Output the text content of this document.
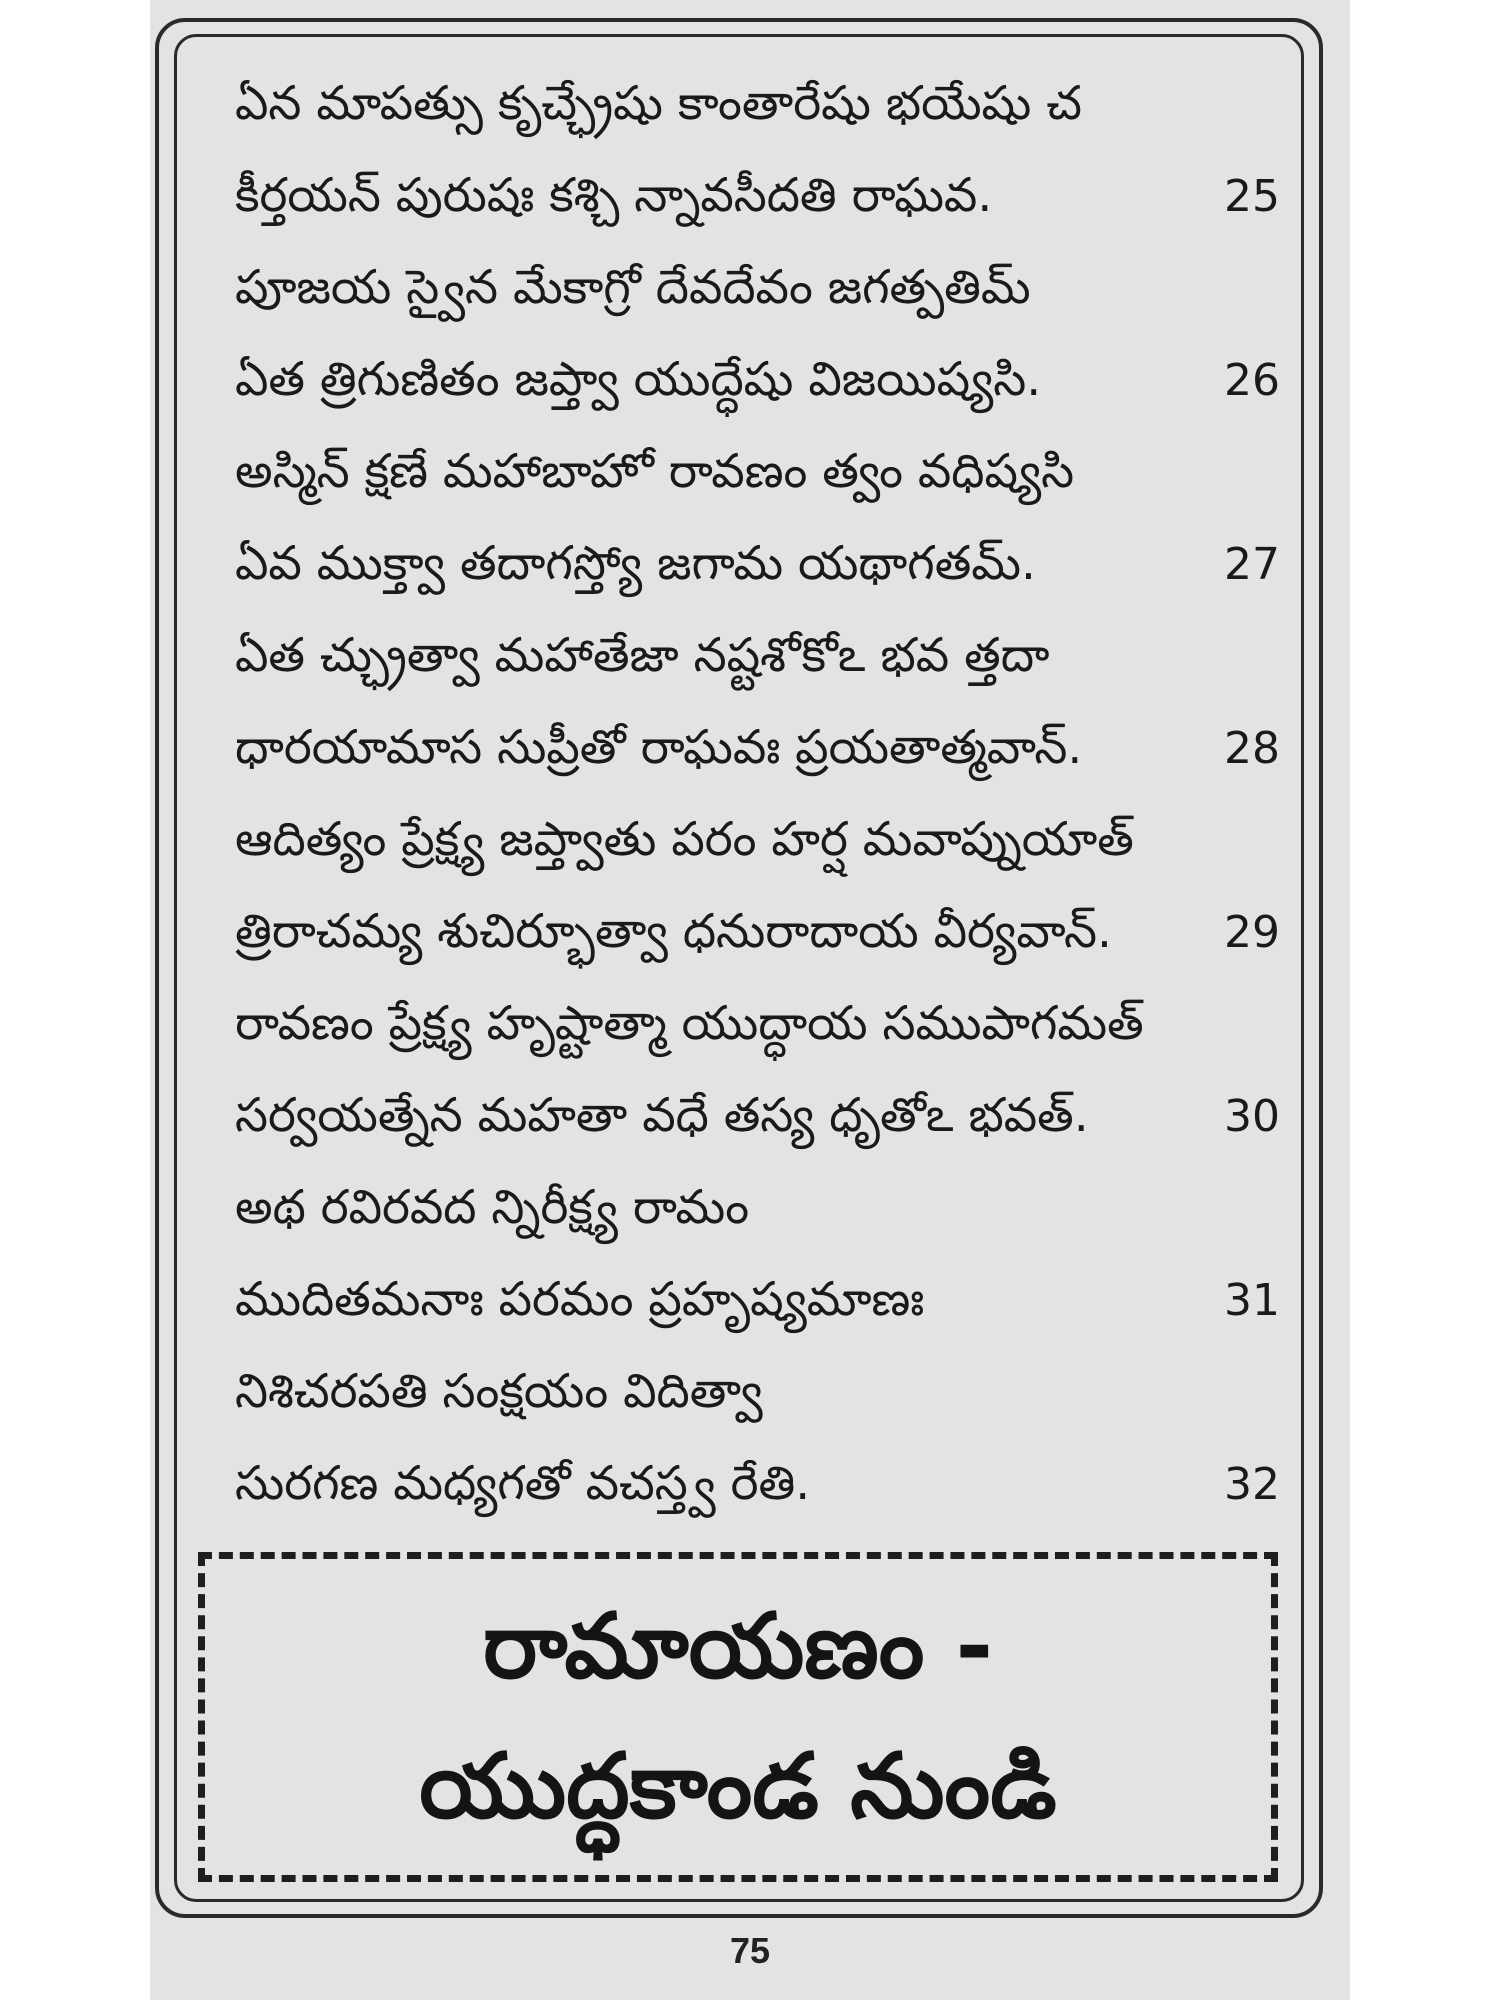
ఏన మాపత్సు కృచ్ఛ్రేషు కాంతారేషు భయేషు చ
కీర్తయన్ పురుషః కశ్చి న్నావసీదతి రాఘవ.	25
పూజయ స్వైన మేకాగ్రో దేవదేవం జగత్పతిమ్
ఏత త్రిగుణితం జప్త్వా యుద్ధేషు విజయిష్యసి.	26
అస్మిన్ క్షణే మహాబాహో రావణం త్వం వధిష్యసి
ఏవ ముక్త్వా తదాగస్త్యో జగామ యథాగతమ్.	27
ఏత చ్ఛ్రుత్వా మహాతేజా నష్టశోకోఽ భవ త్తదా
ధారయామాస సుప్రీతో రాఘవః ప్రయతాత్మవాన్.	28
ఆదిత్యం ప్రేక్ష్య జప్త్వాతు పరం హర్ష మవాప్నుయాత్
త్రిరాచమ్య శుచిర్భూత్వా ధనురాదాయ వీర్యవాన్.	29
రావణం ప్రేక్ష్య హృష్టాత్మా యుద్ధాయ సముపాగమత్
సర్వయత్నేన మహతా వధే తస్య ధృతోఽ భవత్.	30
అథ రవిరవద న్నిరీక్ష్య రామం
ముదితమనాః పరమం ప్రహృష్యమాణః	31
నిశిచరపతి సంక్షయం విదిత్వా
సురగణ మధ్యగతో వచస్త్వ రేతి.	32
రామాయణం -
యుద్ధకాండ నుండి
75
